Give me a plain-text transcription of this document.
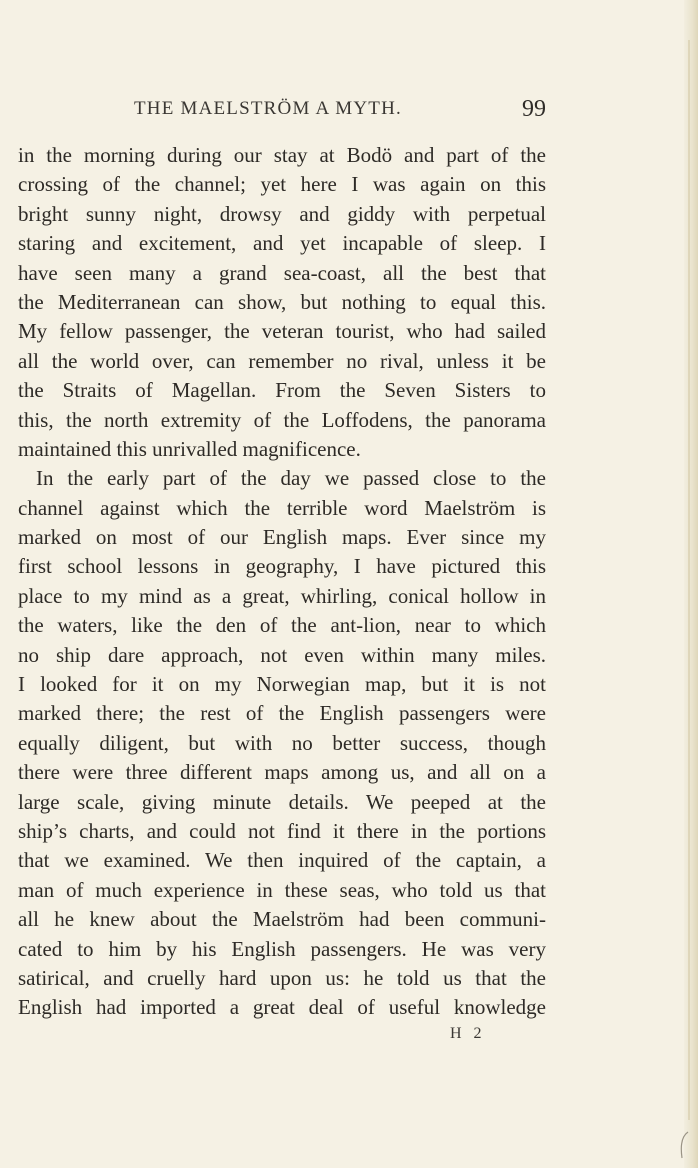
THE MAELSTRÖM A MYTH.	99
in the morning during our stay at Bodö and part of the
crossing of the channel; yet here I was again on this
bright sunny night, drowsy and giddy with perpetual
staring and excitement, and yet incapable of sleep. I
have seen many a grand sea-coast, all the best that
the Mediterranean can show, but nothing to equal this.
My fellow passenger, the veteran tourist, who had sailed
all the world over, can remember no rival, unless it be
the Straits of Magellan. From the Seven Sisters to
this, the north extremity of the Loffodens, the panorama
maintained this unrivalled magnificence.
In the early part of the day we passed close to the
channel against which the terrible word Maelström is
marked on most of our English maps. Ever since my
first school lessons in geography, I have pictured this
place to my mind as a great, whirling, conical hollow in
the waters, like the den of the ant-lion, near to which
no ship dare approach, not even within many miles.
I looked for it on my Norwegian map, but it is not
marked there; the rest of the English passengers were
equally diligent, but with no better success, though
there were three different maps among us, and all on a
large scale, giving minute details. We peeped at the
ship’s charts, and could not find it there in the portions
that we examined. We then inquired of the captain, a
man of much experience in these seas, who told us that
all he knew about the Maelström had been communi-
cated to him by his English passengers. He was very
satirical, and cruelly hard upon us: he told us that the
English had imported a great deal of useful knowledge
H 2
